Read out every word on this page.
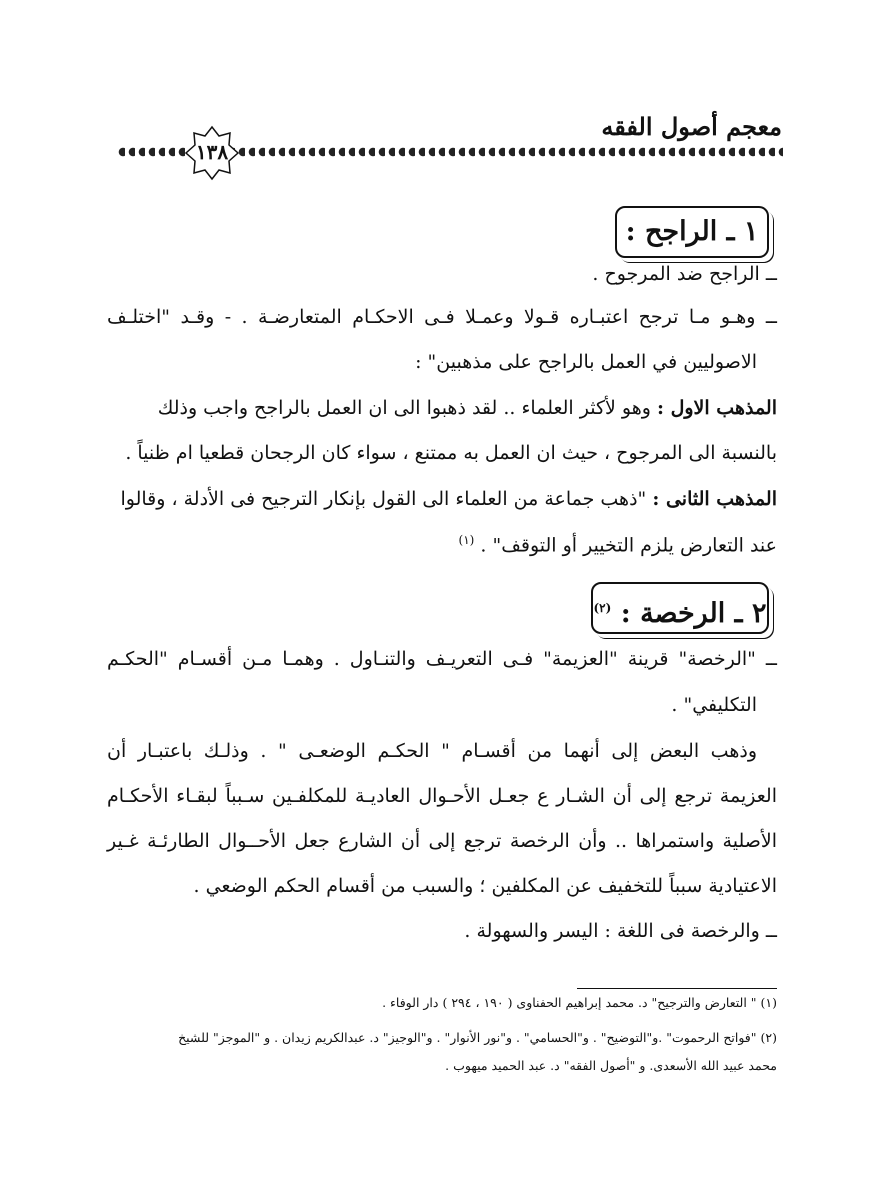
معجم أصول الفقه
١٣٨
١ ـ الراجح :
ــ الراجح ضد المرجوح .
ــ وهـو مـا ترجح اعتبـاره قـولا وعمـلا فـى الاحكـام المتعارضـة . - وقـد "اختلـف
الاصوليين في العمل بالراجح على مذهبين" :
المذهب الاول : وهو لأكثر العلماء .. لقد ذهبوا الى ان العمل بالراجح واجب وذلك
بالنسبة الى المرجوح ، حيث ان العمل به ممتنع ، سواء كان الرجحان قطعيا ام ظنياً .
المذهب الثانى : "ذهب جماعة من العلماء الى القول بإنكار الترجيح فى الأدلة ، وقالوا
عند التعارض يلزم التخيير أو التوقف" . $^{(١)}$
٢ ـ الرخصة : $^{(٢)}$
ــ "الرخصة" قرينة "العزيمة" فـى التعريـف والتنـاول . وهمـا مـن أقسـام "الحكـم
التكليفي" .
وذهب البعض إلى أنهما من أقسـام " الحكـم الوضعـى " . وذلـك باعتبـار أن
العزيمة ترجع إلى أن الشـار ع جعـل الأحـوال العاديـة للمكلفـين سـبباً لبقـاء الأحكـام
الأصلية واستمراها .. وأن الرخصة ترجع إلى أن الشارع جعل الأحــوال الطارئـة غـير
الاعتيادية سبباً للتخفيف عن المكلفين ؛ والسبب من أقسام الحكم الوضعي .
ــ والرخصة فى اللغة : اليسر والسهولة .
(١) " التعارض والترجيح" د. محمد إبراهيم الحفناوى ( ١٩٠ ، ٢٩٤ ) دار الوفاء .
(٢) "فواتح الرحموت" .و"التوضيح" . و"الحسامي" . و"نور الأنوار" . و"الوجيز" د. عبدالكريم زيدان . و "الموجز" للشيخ
محمد عبيد الله الأسعدى. و "أصول الفقه" د. عبد الحميد ميهوب .
